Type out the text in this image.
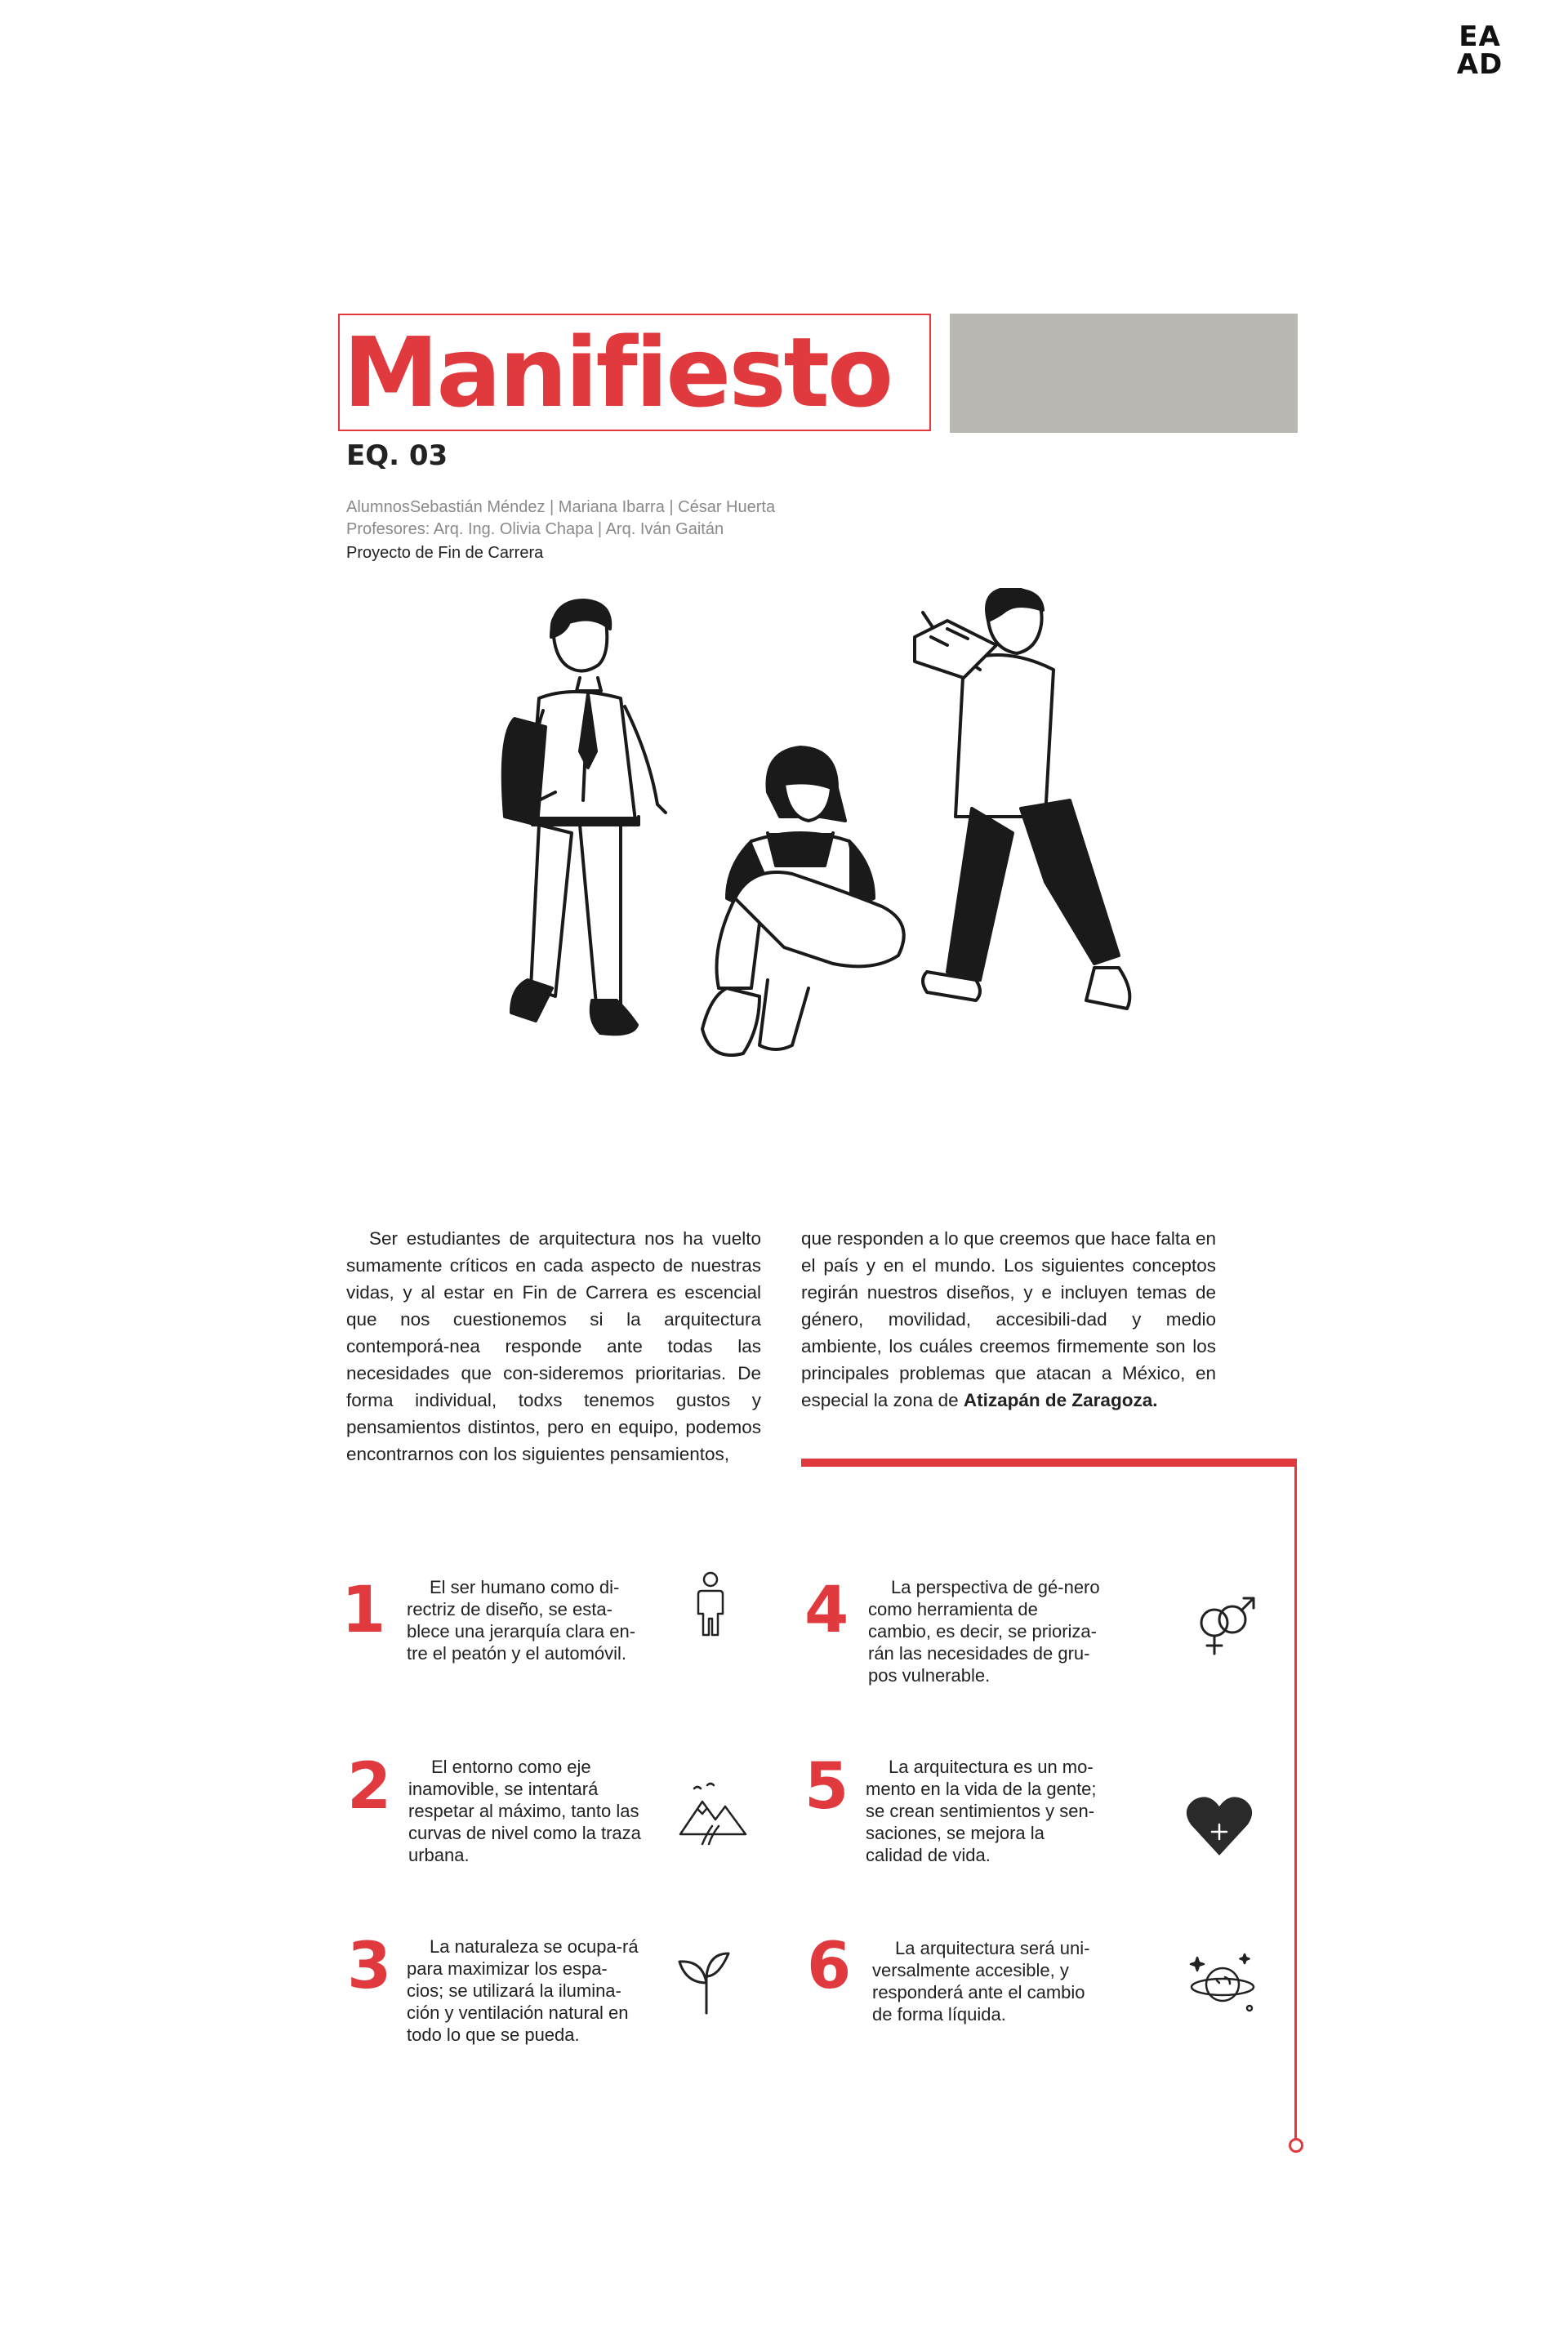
EA
AD
Manifiesto
EQ. 03
AlumnosSebastián Méndez | Mariana Ibarra | César Huerta
Profesores: Arq. Ing. Olivia Chapa | Arq. Iván Gaitán
Proyecto de Fin de Carrera
Ser estudiantes de arquitectura nos ha vuelto sumamente críticos en cada aspecto de nuestras vidas, y al estar en Fin de Carrera es escencial que nos cuestionemos si la arquitectura contemporá-nea responde ante todas las necesidades que con-sideremos prioritarias. De forma individual, todxs tenemos gustos y pensamientos distintos, pero en equipo, podemos encontrarnos con los siguientes pensamientos,
que responden a lo que creemos que hace falta en el país y en el mundo. Los siguientes conceptos regirán nuestros diseños, y e incluyen temas de género, movilidad, accesibili-dad y medio ambiente, los cuáles creemos firmemente son los principales problemas que atacan a México, en especial la zona de Atizapán de Zaragoza.
1	El ser humano como di-rectriz de diseño, se esta-blece una jerarquía clara en-tre el peatón y el automóvil.
2	El entorno como eje inamovible, se intentará respetar al máximo, tanto las curvas de nivel como la traza urbana.
3	La naturaleza se ocupa-rá para maximizar los espa-cios; se utilizará la ilumina-ción y ventilación natural en todo lo que se pueda.
4	La perspectiva de gé-nero como herramienta de cambio, es decir, se prioriza-rán las necesidades de gru-pos vulnerable.
5	La arquitectura es un mo-mento en la vida de la gente; se crean sentimientos y sen-saciones, se mejora la calidad de vida.
6	La arquitectura será uni-versalmente accesible, y responderá ante el cambio de forma líquida.
